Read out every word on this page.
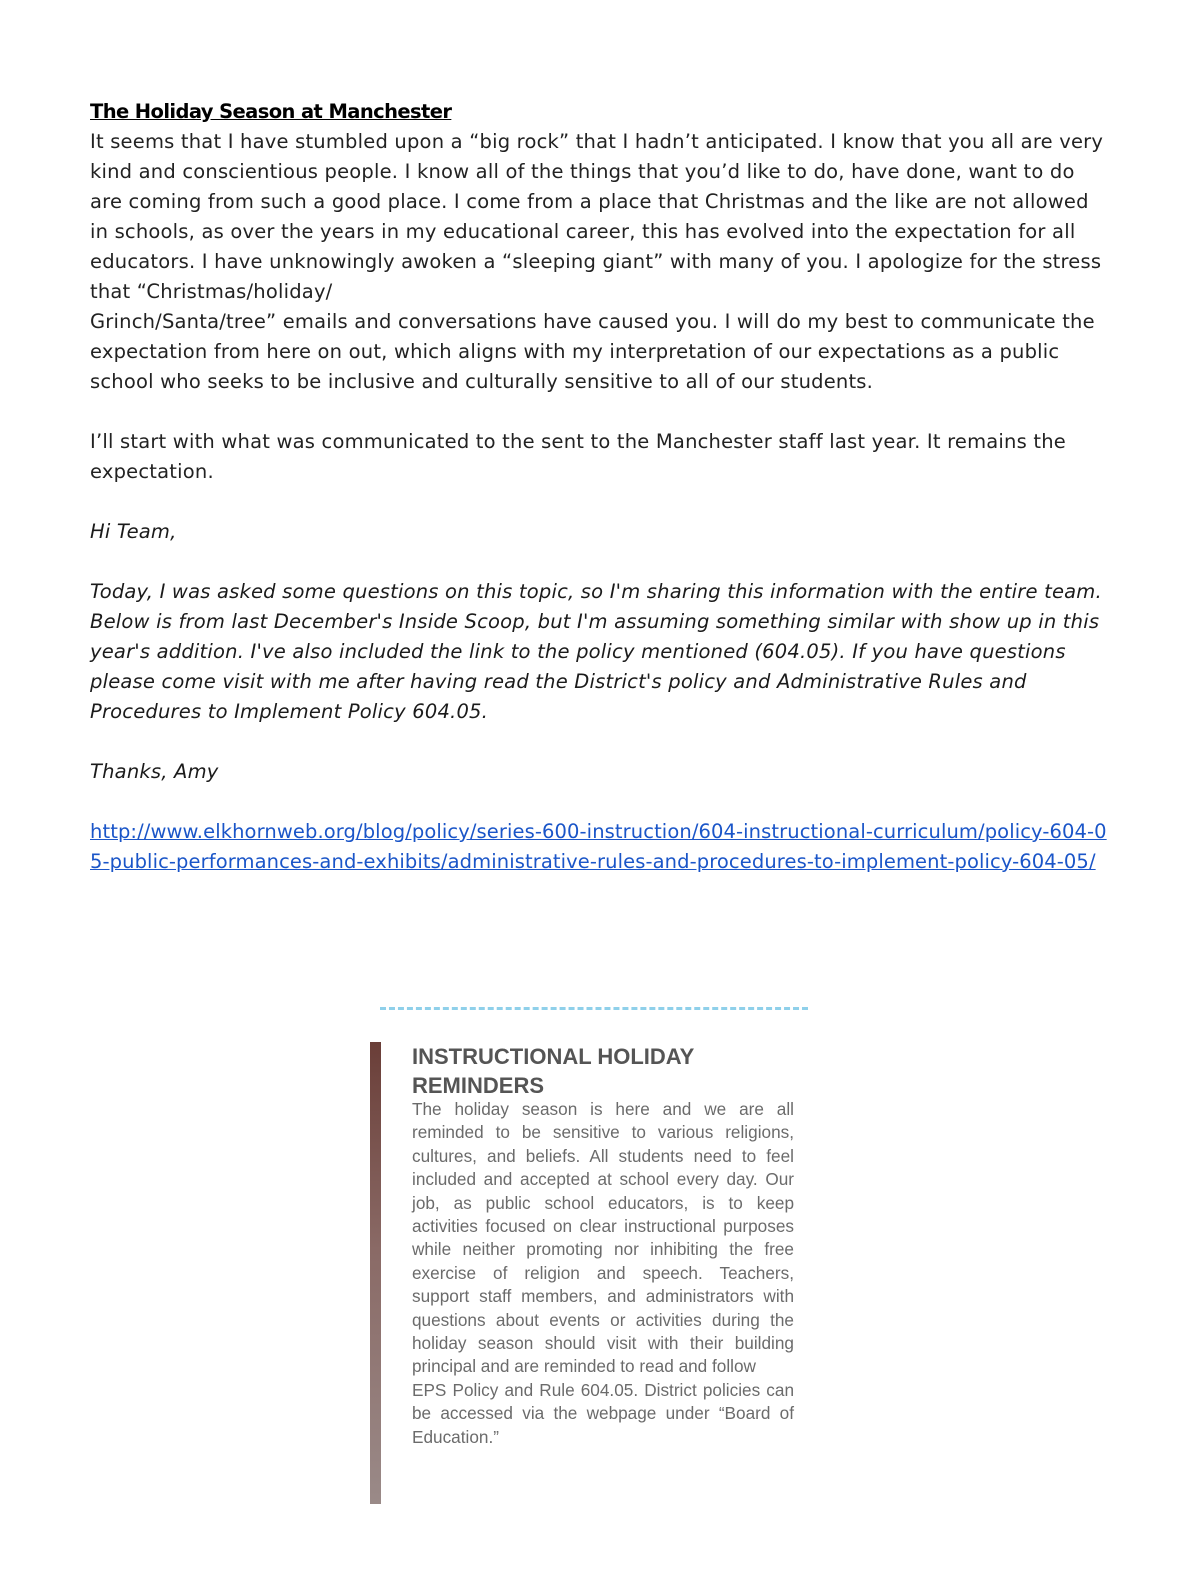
The Holiday Season at Manchester

It seems that I have stumbled upon a “big rock” that I hadn’t anticipated. I know that you all are very kind and conscientious people. I know all of the things that you’d like to do, have done, want to do are coming from such a good place. I come from a place that Christmas and the like are not allowed in schools, as over the years in my educational career, this has evolved into the expectation for all educators. I have unknowingly awoken a “sleeping giant” with many of you. I apologize for the stress that “Christmas/holiday/
Grinch/Santa/tree” emails and conversations have caused you. I will do my best to communicate the expectation from here on out, which aligns with my interpretation of our expectations as a public school who seeks to be inclusive and culturally sensitive to all of our students.

I’ll start with what was communicated to the sent to the Manchester staff last year. It remains the expectation.

Hi Team,

Today, I was asked some questions on this topic, so I'm sharing this information with the entire team. Below is from last December's Inside Scoop, but I'm assuming something similar with show up in this year's addition. I've also included the link to the policy mentioned (604.05). If you have questions please come visit with me after having read the District's policy and Administrative Rules and Procedures to Implement Policy 604.05.

Thanks, Amy

http://www.elkhornweb.org/blog/policy/series-600-instruction/604-instructional-curriculum/policy-604-05-public-performances-and-exhibits/administrative-rules-and-procedures-to-implement-policy-604-05/
INSTRUCTIONAL HOLIDAY REMINDERS

The holiday season is here and we are all reminded to be sensitive to various religions, cultures, and beliefs. All students need to feel included and accepted at school every day. Our job, as public school educators, is to keep activities focused on clear instructional purposes while neither promoting nor inhibiting the free exercise of religion and speech. Teachers, support staff members, and administrators with questions about events or activities during the holiday season should visit with their building principal and are reminded to read and follow
EPS Policy and Rule 604.05. District policies can be accessed via the webpage under “Board of Education.”
